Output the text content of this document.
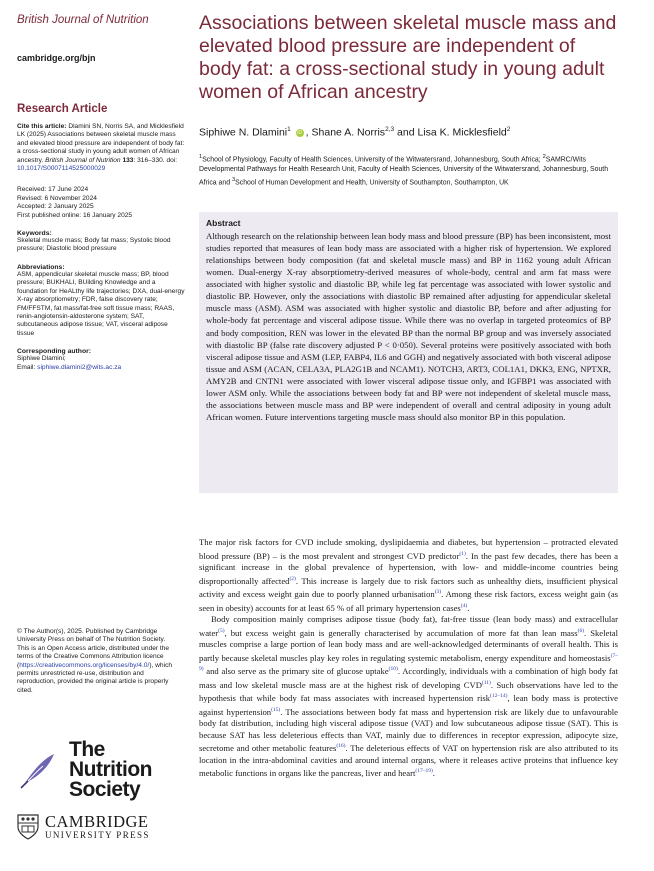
British Journal of Nutrition
cambridge.org/bjn
Research Article
Cite this article: Dlamini SN, Norris SA, and Micklesfield LK (2025) Associations between skeletal muscle mass and elevated blood pressure are independent of body fat: a cross-sectional study in young adult women of African ancestry. British Journal of Nutrition 133: 316–330. doi: 10.1017/S0007114525000029
Received: 17 June 2024
Revised: 6 November 2024
Accepted: 2 January 2025
First published online: 16 January 2025
Keywords:
Skeletal muscle mass; Body fat mass; Systolic blood pressure; Diastolic blood pressure
Abbreviations:
ASM, appendicular skeletal muscle mass; BP, blood pressure; BUKHALI, BUilding Knowledge and a foundation for HeALthy life trajectories; DXA, dual-energy X-ray absorptiometry; FDR, false discovery rate; FM/FFSTM, fat mass/fat-free soft tissue mass; RAAS, renin-angiotensin-aldosterone system; SAT, subcutaneous adipose tissue; VAT, visceral adipose tissue
Corresponding author:
Siphiwe Dlamini;
Email: siphiwe.dlamini2@wits.ac.za
© The Author(s), 2025. Published by Cambridge University Press on behalf of The Nutrition Society. This is an Open Access article, distributed under the terms of the Creative Commons Attribution licence (https://creativecommons.org/licenses/by/4.0/), which permits unrestricted re-use, distribution and reproduction, provided the original article is properly cited.
The
Nutrition
Society
CAMBRIDGE
UNIVERSITY PRESS
Associations between skeletal muscle mass and elevated blood pressure are independent of body fat: a cross-sectional study in young adult women of African ancestry
Siphiwe N. Dlamini$^1$ iD , Shane A. Norris$^{2,3}$ and Lisa K. Micklesfield$^2$
$^1$School of Physiology, Faculty of Health Sciences, University of the Witwatersrand, Johannesburg, South Africa; $^2$SAMRC/Wits Developmental Pathways for Health Research Unit, Faculty of Health Sciences, University of the Witwatersrand, Johannesburg, South Africa and $^3$School of Human Development and Health, University of Southampton, Southampton, UK
Abstract

Although research on the relationship between lean body mass and blood pressure (BP) has been inconsistent, most studies reported that measures of lean body mass are associated with a higher risk of hypertension. We explored relationships between body composition (fat and skeletal muscle mass) and BP in 1162 young adult African women. Dual-energy X-ray absorptiometry-derived measures of whole-body, central and arm fat mass were associated with higher systolic and diastolic BP, while leg fat percentage was associated with lower systolic and diastolic BP. However, only the associations with diastolic BP remained after adjusting for appendicular skeletal muscle mass (ASM). ASM was associated with higher systolic and diastolic BP, before and after adjusting for whole-body fat percentage and visceral adipose tissue. While there was no overlap in targeted proteomics of BP and body composition, REN was lower in the elevated BP than the normal BP group and was inversely associated with diastolic BP (false rate discovery adjusted P < 0·050). Several proteins were positively associated with both visceral adipose tissue and ASM (LEP, FABP4, IL6 and GGH) and negatively associated with both visceral adipose tissue and ASM (ACAN, CELA3A, PLA2G1B and NCAM1). NOTCH3, ART3, COL1A1, DKK3, ENG, NPTXR, AMY2B and CNTN1 were associated with lower visceral adipose tissue only, and IGFBP1 was associated with lower ASM only. While the associations between body fat and BP were not independent of skeletal muscle mass, the associations between muscle mass and BP were independent of overall and central adiposity in young adult African women. Future interventions targeting muscle mass should also monitor BP in this population.

The major risk factors for CVD include smoking, dyslipidaemia and diabetes, but hypertension – protracted elevated blood pressure (BP) – is the most prevalent and strongest CVD predictor$^{(1)}$. In the past few decades, there has been a significant increase in the global prevalence of hypertension, with low- and middle-income countries being disproportionally affected$^{(2)}$. This increase is largely due to risk factors such as unhealthy diets, insufficient physical activity and excess weight gain due to poorly planned urbanisation$^{(3)}$. Among these risk factors, excess weight gain (as seen in obesity) accounts for at least 65 % of all primary hypertension cases$^{(4)}$.

Body composition mainly comprises adipose tissue (body fat), fat-free tissue (lean body mass) and extracellular water$^{(5)}$, but excess weight gain is generally characterised by accumulation of more fat than lean mass$^{(6)}$. Skeletal muscles comprise a large portion of lean body mass and are well-acknowledged determinants of overall health. This is partly because skeletal muscles play key roles in regulating systemic metabolism, energy expenditure and homeostasis$^{(7-9)}$ and also serve as the primary site of glucose uptake$^{(10)}$. Accordingly, individuals with a combination of high body fat mass and low skeletal muscle mass are at the highest risk of developing CVD$^{(11)}$. Such observations have led to the hypothesis that while body fat mass associates with increased hypertension risk$^{(12-14)}$, lean body mass is protective against hypertension$^{(15)}$. The associations between body fat mass and hypertension risk are likely due to unfavourable body fat distribution, including high visceral adipose tissue (VAT) and low subcutaneous adipose tissue (SAT). This is because SAT has less deleterious effects than VAT, mainly due to differences in receptor expression, adipocyte size, secretome and other metabolic features$^{(16)}$. The deleterious effects of VAT on hypertension risk are also attributed to its location in the intra-abdominal cavities and around internal organs, where it releases active proteins that influence key metabolic functions in organs like the pancreas, liver and heart$^{(17-19)}$.
